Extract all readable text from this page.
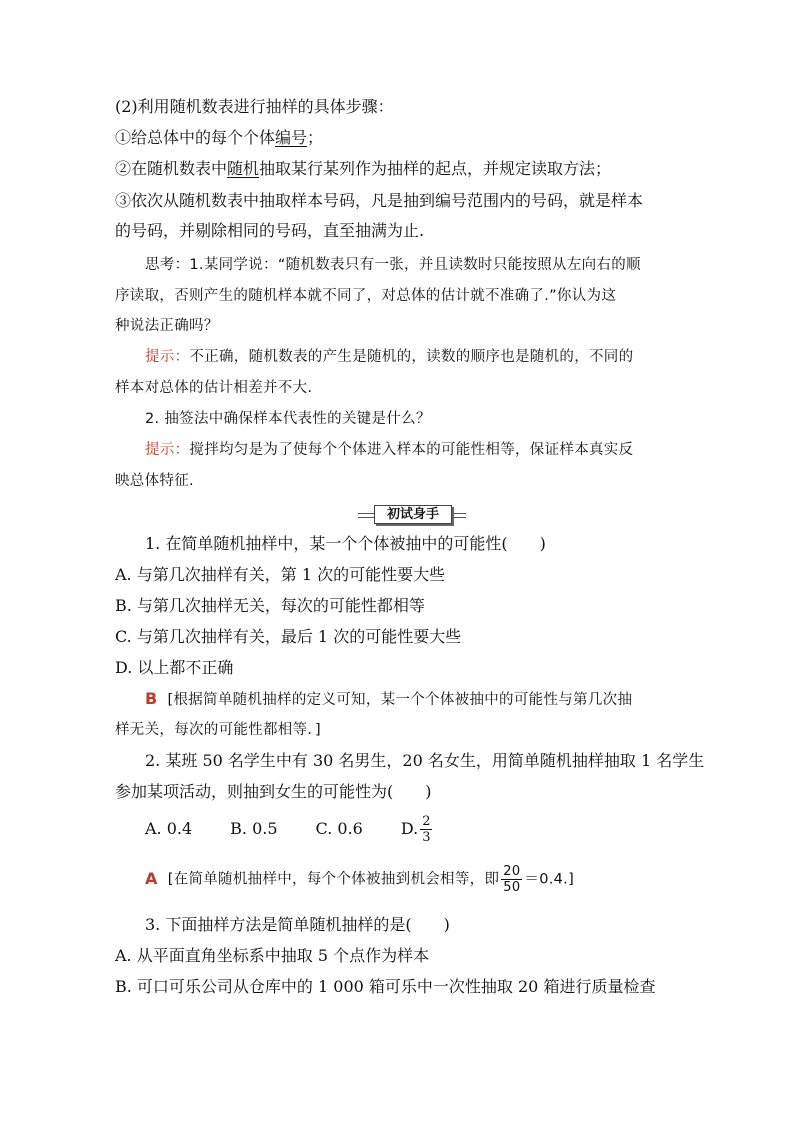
(2)利用随机数表进行抽样的具体步骤：
①给总体中的每个个体编号；
②在随机数表中随机抽取某行某列作为抽样的起点，并规定读取方法；
③依次从随机数表中抽取样本号码，凡是抽到编号范围内的号码，就是样本
的号码，并剔除相同的号码，直至抽满为止.
思考：1.某同学说：“随机数表只有一张，并且读数时只能按照从左向右的顺
序读取，否则产生的随机样本就不同了，对总体的估计就不准确了.”你认为这
种说法正确吗？
提示：不正确，随机数表的产生是随机的，读数的顺序也是随机的，不同的
样本对总体的估计相差并不大.
2. 抽签法中确保样本代表性的关键是什么？
提示：搅拌均匀是为了使每个个体进入样本的可能性相等，保证样本真实反
映总体特征.
初试身手
1. 在简单随机抽样中，某一个个体被抽中的可能性(　　)
A. 与第几次抽样有关，第 1 次的可能性要大些
B. 与第几次抽样无关，每次的可能性都相等
C. 与第几次抽样有关，最后 1 次的可能性要大些
D. 以上都不正确
B [根据简单随机抽样的定义可知，某一个个体被抽中的可能性与第几次抽
样无关，每次的可能性都相等．]
2. 某班 50 名学生中有 30 名男生，20 名女生，用简单随机抽样抽取 1 名学生
参加某项活动，则抽到女生的可能性为(　　)
A. 0.4 B. 0.5 C. 0.6 D. $\frac{2}{3}$
A [在简单随机抽样中，每个个体被抽到机会相等，即 $\frac{20}{50} =0.4$.]
3. 下面抽样方法是简单随机抽样的是(　　)
A. 从平面直角坐标系中抽取 5 个点作为样本
B. 可口可乐公司从仓库中的 1 000 箱可乐中一次性抽取 20 箱进行质量检查
